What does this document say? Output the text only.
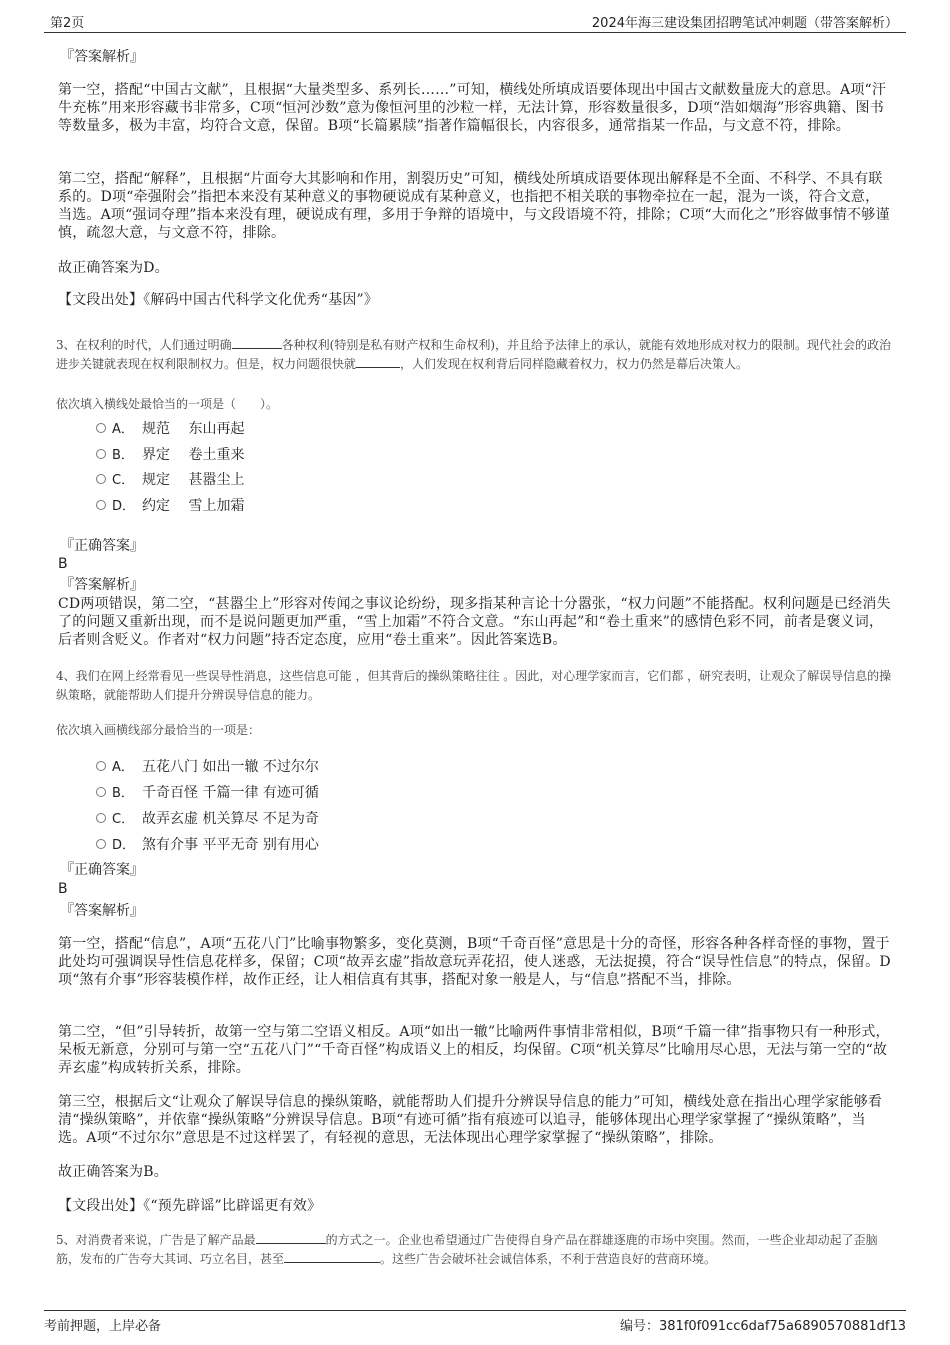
第2页	2024年海三建设集团招聘笔试冲刺题（带答案解析）

『答案解析』

第一空，搭配“中国古文献”，且根据“大量类型多、系列长……”可知，横线处所填成语要体现出中国古文献数量庞大的意思。A项“汗牛充栋”用来形容藏书非常多，C项“恒河沙数”意为像恒河里的沙粒一样，无法计算，形容数量很多，D项“浩如烟海”形容典籍、图书等数量多，极为丰富，均符合文意，保留。B项“长篇累牍”指著作篇幅很长，内容很多，通常指某一作品，与文意不符，排除。

第二空，搭配“解释”，且根据“片面夸大其影响和作用，割裂历史”可知，横线处所填成语要体现出解释是不全面、不科学、不具有联系的。D项“牵强附会”指把本来没有某种意义的事物硬说成有某种意义，也指把不相关联的事物牵拉在一起，混为一谈，符合文意，当选。A项“强词夺理”指本来没有理，硬说成有理，多用于争辩的语境中，与文段语境不符，排除；C项“大而化之”形容做事情不够谨慎，疏忽大意，与文意不符，排除。

故正确答案为D。

【文段出处】《解码中国古代科学文化优秀“基因”》

3、在权利的时代，人们通过明确	各种权利(特别是私有财产权和生命权利)，并且给予法律上的承认，就能有效地形成对权力的限制。现代社会的政治进步关键就表现在权利限制权力。但是，权力问题很快就	，人们发现在权利背后同样隐藏着权力，权力仍然是幕后决策人。
依次填入横线处最恰当的一项是（　　）。
A． 规范　 东山再起
B． 界定　 卷土重来
C． 规定　 甚嚣尘上
D． 约定　 雪上加霜

『正确答案』

B

『答案解析』

CD两项错误，第二空，“甚嚣尘上”形容对传闻之事议论纷纷，现多指某种言论十分嚣张，“权力问题”不能搭配。权利问题是已经消失了的问题又重新出现，而不是说问题更加严重，“雪上加霜”不符合文意。“东山再起”和“卷土重来”的感情色彩不同，前者是褒义词，后者则含贬义。作者对“权力问题”持否定态度，应用“卷土重来”。因此答案选B。

4、我们在网上经常看见一些误导性消息，这些信息可能 ，但其背后的操纵策略往往 。因此，对心理学家而言，它们都 ，研究表明，让观众了解误导信息的操纵策略，就能帮助人们提升分辨误导信息的能力。
依次填入画横线部分最恰当的一项是：
A． 五花八门 如出一辙 不过尔尔
B． 千奇百怪 千篇一律 有迹可循
C． 故弄玄虚 机关算尽 不足为奇
D． 煞有介事 平平无奇 别有用心

『正确答案』

B

『答案解析』

第一空，搭配“信息”，A项“五花八门”比喻事物繁多，变化莫测，B项“千奇百怪”意思是十分的奇怪，形容各种各样奇怪的事物，置于此处均可强调误导性信息花样多，保留；C项“故弄玄虚”指故意玩弄花招，使人迷惑，无法捉摸，符合“误导性信息”的特点，保留。D项“煞有介事”形容装模作样，故作正经，让人相信真有其事，搭配对象一般是人，与“信息”搭配不当，排除。

第二空，“但”引导转折，故第一空与第二空语义相反。A项“如出一辙”比喻两件事情非常相似，B项“千篇一律”指事物只有一种形式，呆板无新意，分别可与第一空“五花八门”“千奇百怪”构成语义上的相反，均保留。C项“机关算尽”比喻用尽心思，无法与第一空的“故弄玄虚”构成转折关系，排除。

第三空，根据后文“让观众了解误导信息的操纵策略，就能帮助人们提升分辨误导信息的能力”可知，横线处意在指出心理学家能够看清“操纵策略”，并依靠“操纵策略”分辨误导信息。B项“有迹可循”指有痕迹可以追寻，能够体现出心理学家掌握了“操纵策略”，当选。A项“不过尔尔”意思是不过这样罢了，有轻视的意思，无法体现出心理学家掌握了“操纵策略”，排除。

故正确答案为B。

【文段出处】《“预先辟谣”比辟谣更有效》

5、对消费者来说，广告是了解产品最	的方式之一。企业也希望通过广告使得自身产品在群雄逐鹿的市场中突围。然而，一些企业却动起了歪脑筋，发布的广告夸大其词、巧立名目，甚至	。这些广告会破坏社会诚信体系，不利于营造良好的营商环境。
考前押题，上岸必备	编号：381f0f091cc6daf75a6890570881df13
